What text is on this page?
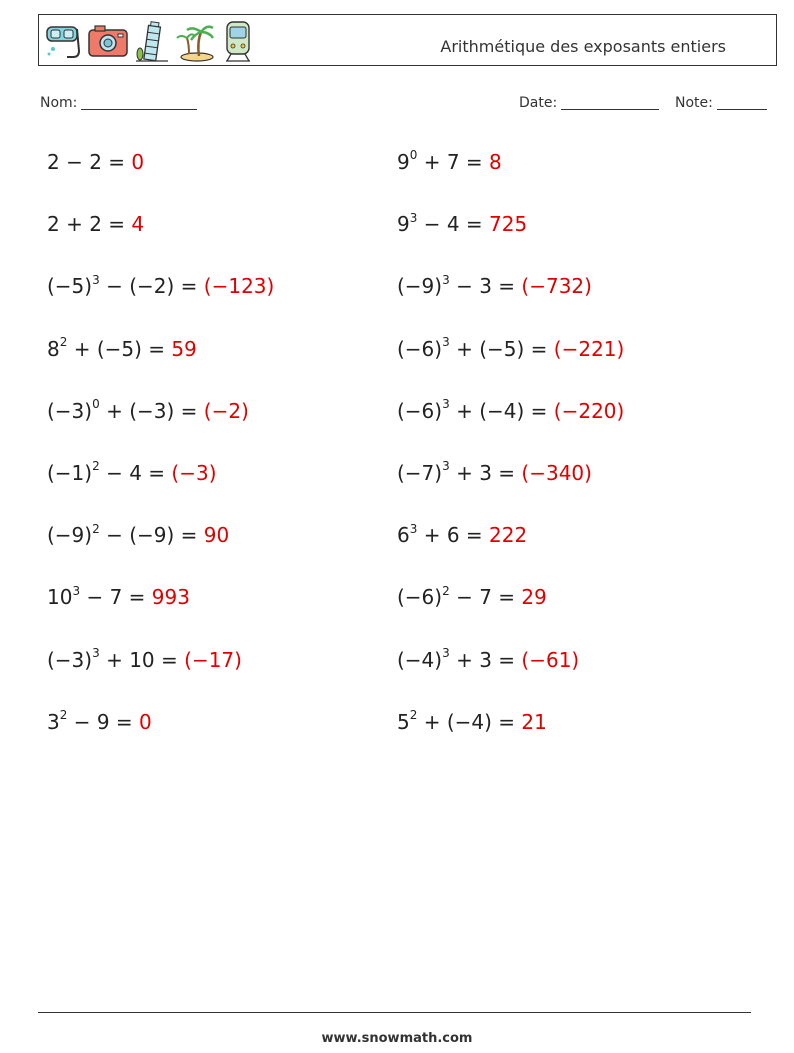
Arithmétique des exposants entiers
Nom:	Date:	Note:
2 − 2 = 0
2 + 2 = 4
$(-5)^3 - (-2) = (-123)$
$8^2 + (-5) = 59$
$(-3)^0 + (-3) = (-2)$
$(-1)^2 - 4 = (-3)$
$(-9)^2 - (-9) = 90$
$10^3 - 7 = 993$
$(-3)^3 + 10 = (-17)$
$3^2 - 9 = 0$
$9^0 + 7 = 8$
$9^3 - 4 = 725$
$(-9)^3 - 3 = (-732)$
$(-6)^3 + (-5) = (-221)$
$(-6)^3 + (-4) = (-220)$
$(-7)^3 + 3 = (-340)$
$6^3 + 6 = 222$
$(-6)^2 - 7 = 29$
$(-4)^3 + 3 = (-61)$
$5^2 + (-4) = 21$
www.snowmath.com
